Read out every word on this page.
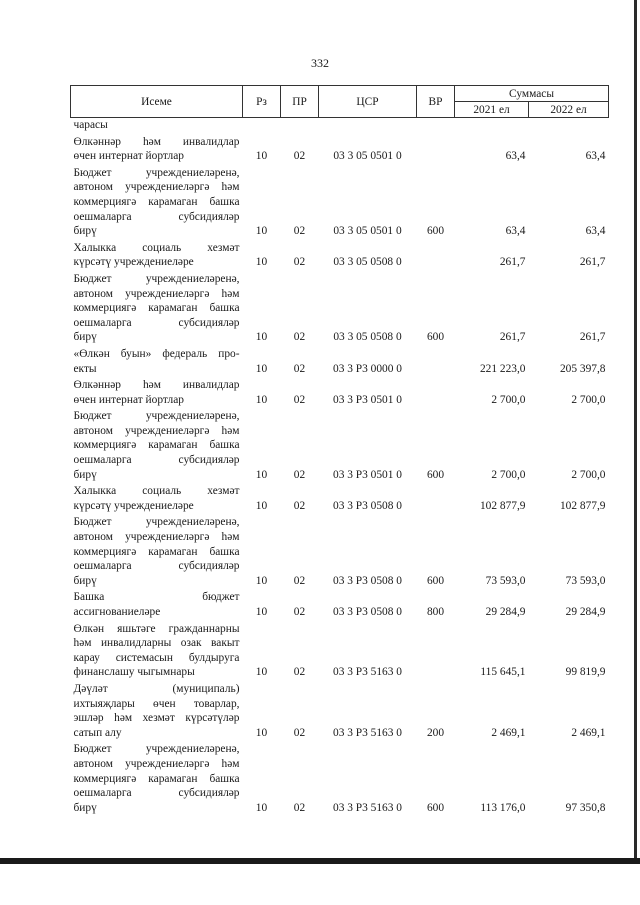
332
Исеме	Рз	ПР	ЦСР	ВР	Суммасы	
					2021 ел	2022 ел
чарасы						
Өлкәннәр һәм инвалидлар						
өчен интернат йортлар	10	02	03 3 05 0501 0		63,4	63,4
Бюджет учреждениеләренә,						
автоном учреждениеләргә һәм						
коммерциягә карамаган башка						
оешмаларга субсидияләр						
бирү	10	02	03 3 05 0501 0	600	63,4	63,4
Халыкка социаль хезмәт						
күрсәтү учреждениеләре	10	02	03 3 05 0508 0		261,7	261,7
Бюджет учреждениеләренә,						
автоном учреждениеләргә һәм						
коммерциягә карамаган башка						
оешмаларга субсидияләр						
бирү	10	02	03 3 05 0508 0	600	261,7	261,7
«Өлкән буын» федераль про-						
екты	10	02	03 3 Р3 0000 0		221 223,0	205 397,8
Өлкәннәр һәм инвалидлар						
өчен интернат йортлар	10	02	03 3 Р3 0501 0		2 700,0	2 700,0
Бюджет учреждениеләренә,						
автоном учреждениеләргә һәм						
коммерциягә карамаган башка						
оешмаларга субсидияләр						
бирү	10	02	03 3 Р3 0501 0	600	2 700,0	2 700,0
Халыкка социаль хезмәт						
күрсәтү учреждениеләре	10	02	03 3 Р3 0508 0		102 877,9	102 877,9
Бюджет учреждениеләренә,						
автоном учреждениеләргә һәм						
коммерциягә карамаган башка						
оешмаларга субсидияләр						
бирү	10	02	03 3 Р3 0508 0	600	73 593,0	73 593,0
Башка бюджет						
ассигнованиеләре	10	02	03 3 Р3 0508 0	800	29 284,9	29 284,9
Өлкән яшьтәге гражданнарны						
һәм инвалидларны озак вакыт						
карау системасын булдыруга						
финанслашу чыгымнары	10	02	03 3 Р3 5163 0		115 645,1	99 819,9
Дәүләт (муниципаль)						
ихтыяҗлары өчен товарлар,						
эшләр һәм хезмәт күрсәтүләр						
сатып алу	10	02	03 3 Р3 5163 0	200	2 469,1	2 469,1
Бюджет учреждениеләренә,						
автоном учреждениеләргә һәм						
коммерциягә карамаган башка						
оешмаларга субсидияләр						
бирү	10	02	03 3 Р3 5163 0	600	113 176,0	97 350,8
